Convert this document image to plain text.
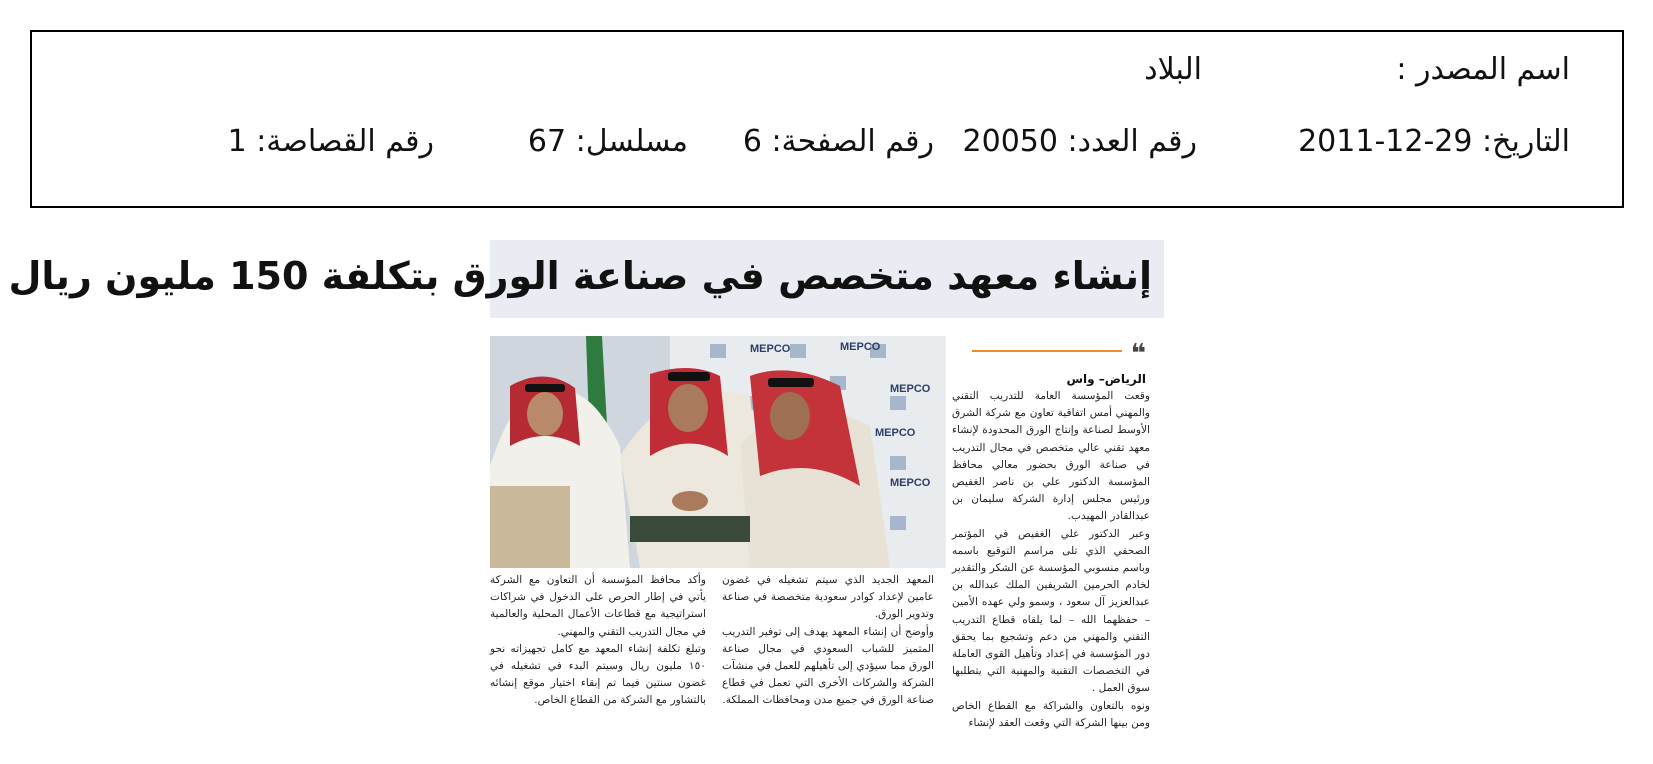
اسم المصدر :
البلاد
التاريخ: 29-12-2011
رقم العدد: 20050
رقم الصفحة: 6
مسلسل: 67
رقم القصاصة: 1
إنشاء معهد متخصص في صناعة الورق بتكلفة 150 مليون ريال
MEPCO	MEPCO
MEPCO
MEPCO
MEPCO
❝
الرياض– واس

وقعت المؤسسة العامة للتدريب التقني والمهني أمس اتفاقية تعاون مع شركة الشرق الأوسط لصناعة وإنتاج الورق المحدودة لإنشاء معهد تقني عالي متخصص في مجال التدريب في صناعة الورق بحضور معالي محافظ المؤسسة الدكتور علي بن ناصر الغفيص ورئيس مجلس إدارة الشركة سليمان بن عبدالقادر المهيدب.

وعبر الدكتور علي الغفيص في المؤتمر الصحفي الذي تلى مراسم التوقيع باسمه وباسم منسوبي المؤسسة عن الشكر والتقدير لخادم الحرمين الشريفين الملك عبدالله بن عبدالعزيز آل سعود ، وسمو ولي عهده الأمين – حفظهما الله – لما يلقاه قطاع التدريب التقني والمهني من دعم وتشجيع بما يحقق دور المؤسسة في إعداد وتأهيل القوى العاملة في التخصصات التقنية والمهنية التي يتطلبها سوق العمل .

ونوه بالتعاون والشراكة مع القطاع الخاص ومن بينها الشركة التي وقعت العقد لإنشاء

المعهد الجديد الذي سيتم تشغيله في غضون عامين لإعداد كوادر سعودية متخصصة في صناعة وتدوير الورق.

وأوضح أن إنشاء المعهد يهدف إلى توفير التدريب المتميز للشباب السعودي في مجال صناعة الورق مما سيؤدي إلى تأهيلهم للعمل في منشآت الشركة والشركات الأخرى التي تعمل في قطاع صناعة الورق في جميع مدن ومحافظات المملكة.

وأكد محافظ المؤسسة أن التعاون مع الشركة يأتي في إطار الحرص على الدخول في شراكات استراتيجية مع قطاعات الأعمال المحلية والعالمية في مجال التدريب التقني والمهني.

وتبلغ تكلفة إنشاء المعهد مع كامل تجهيزاته نحو ١٥٠ مليون ريال وسيتم البدء في تشغيله في غضون سنتين فيما تم إبقاء اختيار موقع إنشائه بالتشاور مع الشركة من القطاع الخاص.
